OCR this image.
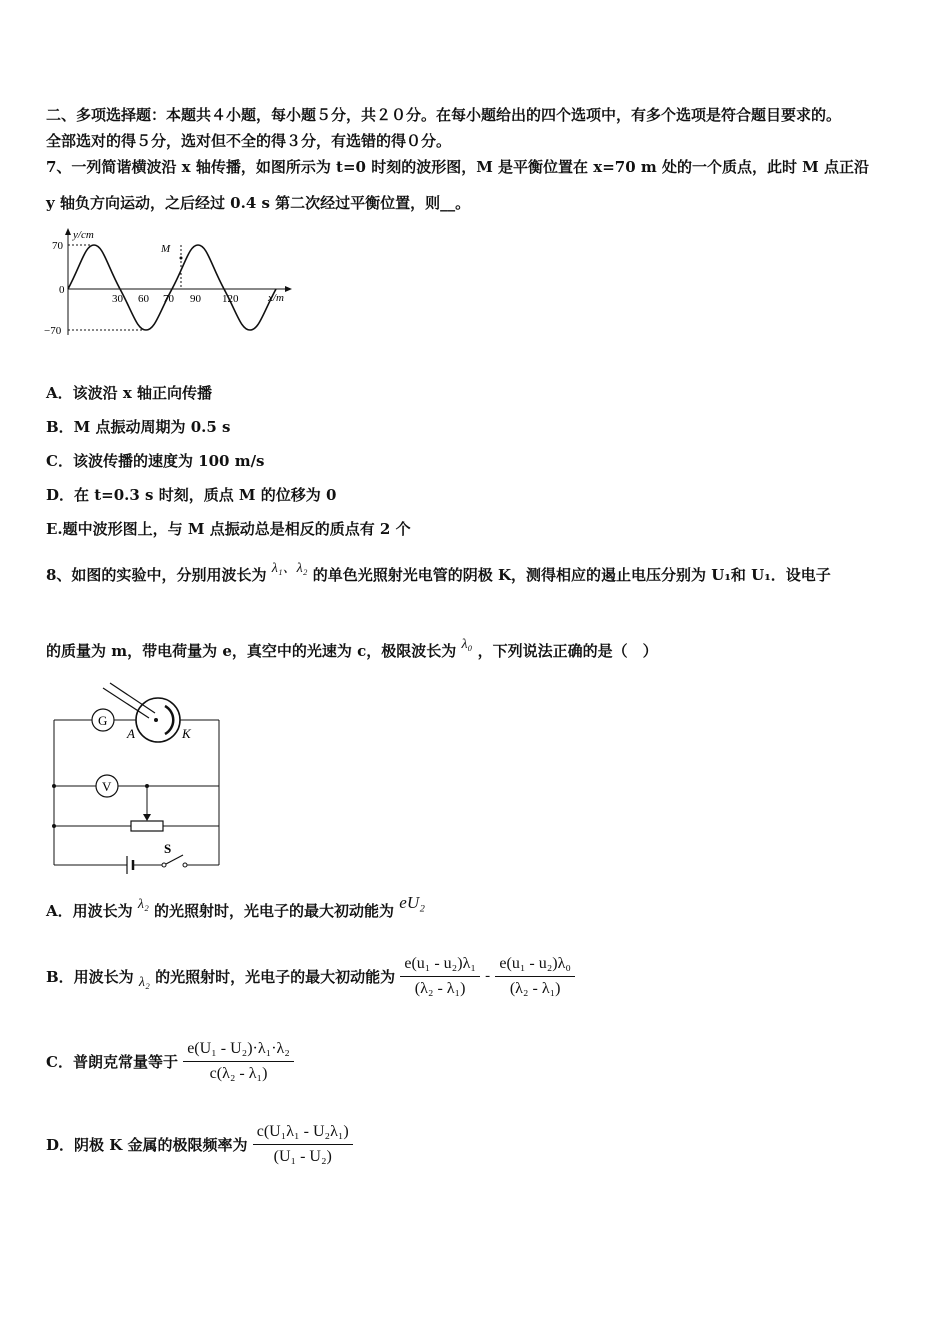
二、多项选择题：本题共４小题，每小题５分，共２０分。在每小题给出的四个选项中，有多个选项是符合题目要求的。
全部选对的得５分，选对但不全的得３分，有选错的得０分。
7、一列简谐横波沿 x 轴传播，如图所示为 t=0 时刻的波形图，M 是平衡位置在 x=70 m 处的一个质点，此时 M 点正沿
y 轴负方向运动，之后经过 0.4 s 第二次经过平衡位置，则__。
y/cm
x/m
M
0
70
−70
30 60 70 90 120
A．该波沿 x 轴正向传播
B．M 点振动周期为 0.5 s
C．该波传播的速度为 100 m/s
D．在 t=0.3 s 时刻，质点 M 的位移为 0
E.题中波形图上，与 M 点振动总是相反的质点有 2 个
8、如图的实验中，分别用波长为 λ₁、λ₂ 的单色光照射光电管的阴极 K，测得相应的遏止电压分别为 U₁和 U₁．设电子
的质量为 m，带电荷量为 e，真空中的光速为 c，极限波长为 λ₀ ，下列说法正确的是（　）
G
A	K
V
S
A．用波长为 λ₂ 的光照射时，光电子的最大初动能为 eU₂
B．用波长为 λ₂ 的光照射时，光电子的最大初动能为 $\frac{\text{e(u₁ - u₂)λ₁}}{\text{(λ₂ - λ₁)}} - \frac{\text{e(u₁ - u₂)λ₀}}{\text{(λ₂ - λ₁)}}$
C．普朗克常量等于 $\frac{\text{e(U₁ - U₂)·λ₁·λ₂}}{\text{c(λ₂ - λ₁)}}$
D．阴极 K 金属的极限频率为 $\frac{\text{c(U₁λ₁ - U₂λ₁)}}{\text{(U₁ - U₂)}}$
